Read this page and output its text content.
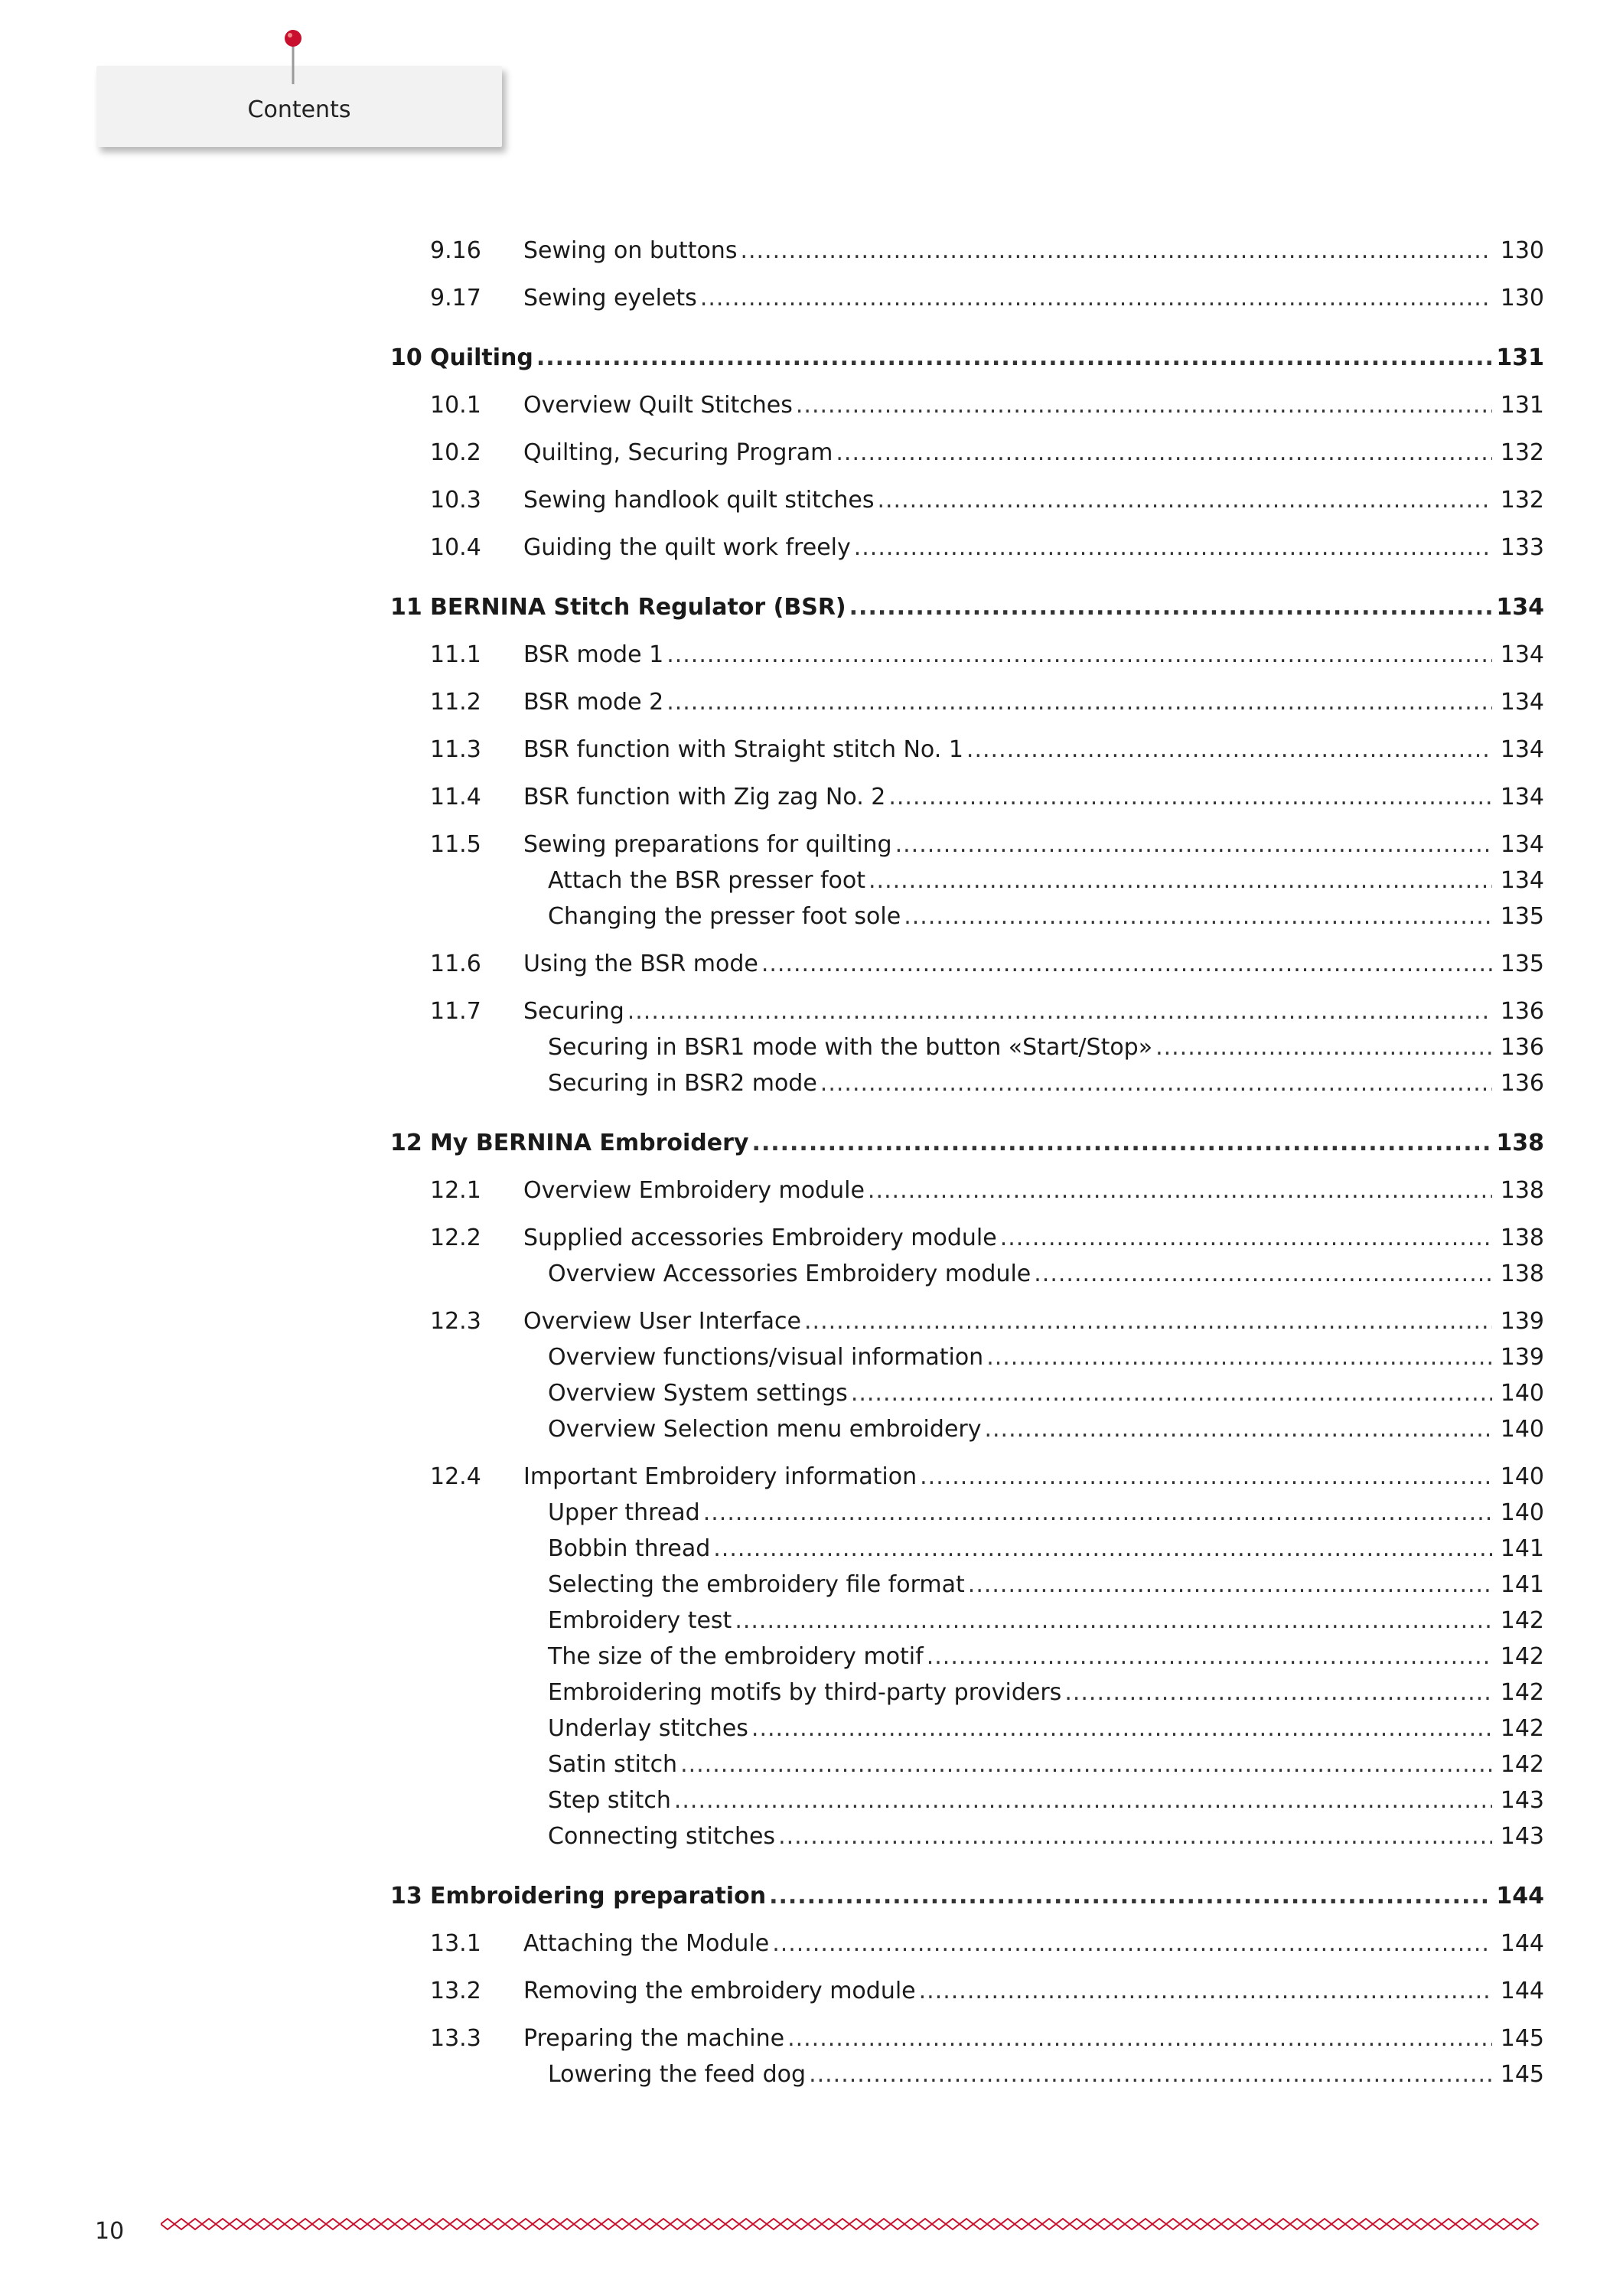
Contents
9.16	Sewing on buttons .....	130
9.17	Sewing eyelets .....	130
10 Quilting .....	131
10.1	Overview Quilt Stitches .....	131
10.2	Quilting, Securing Program .....	132
10.3	Sewing handlook quilt stitches .....	132
10.4	Guiding the quilt work freely .....	133
11 BERNINA Stitch Regulator (BSR) .....	134
11.1	BSR mode 1 .....	134
11.2	BSR mode 2 .....	134
11.3	BSR function with Straight stitch No. 1 .....	134
11.4	BSR function with Zig zag No. 2 .....	134
11.5	Sewing preparations for quilting .....	134
Attach the BSR presser foot .....	134
Changing the presser foot sole .....	135
11.6	Using the BSR mode .....	135
11.7	Securing .....	136
Securing in BSR1 mode with the button «Start/Stop» .....	136
Securing in BSR2 mode .....	136
12 My BERNINA Embroidery .....	138
12.1	Overview Embroidery module .....	138
12.2	Supplied accessories Embroidery module .....	138
Overview Accessories Embroidery module .....	138
12.3	Overview User Interface .....	139
Overview functions/visual information .....	139
Overview System settings .....	140
Overview Selection menu embroidery .....	140
12.4	Important Embroidery information .....	140
Upper thread .....	140
Bobbin thread .....	141
Selecting the embroidery file format .....	141
Embroidery test .....	142
The size of the embroidery motif .....	142
Embroidering motifs by third-party providers .....	142
Underlay stitches .....	142
Satin stitch .....	142
Step stitch .....	143
Connecting stitches .....	143
13 Embroidering preparation .....	144
13.1	Attaching the Module .....	144
13.2	Removing the embroidery module .....	144
13.3	Preparing the machine .....	145
Lowering the feed dog .....	145
10
